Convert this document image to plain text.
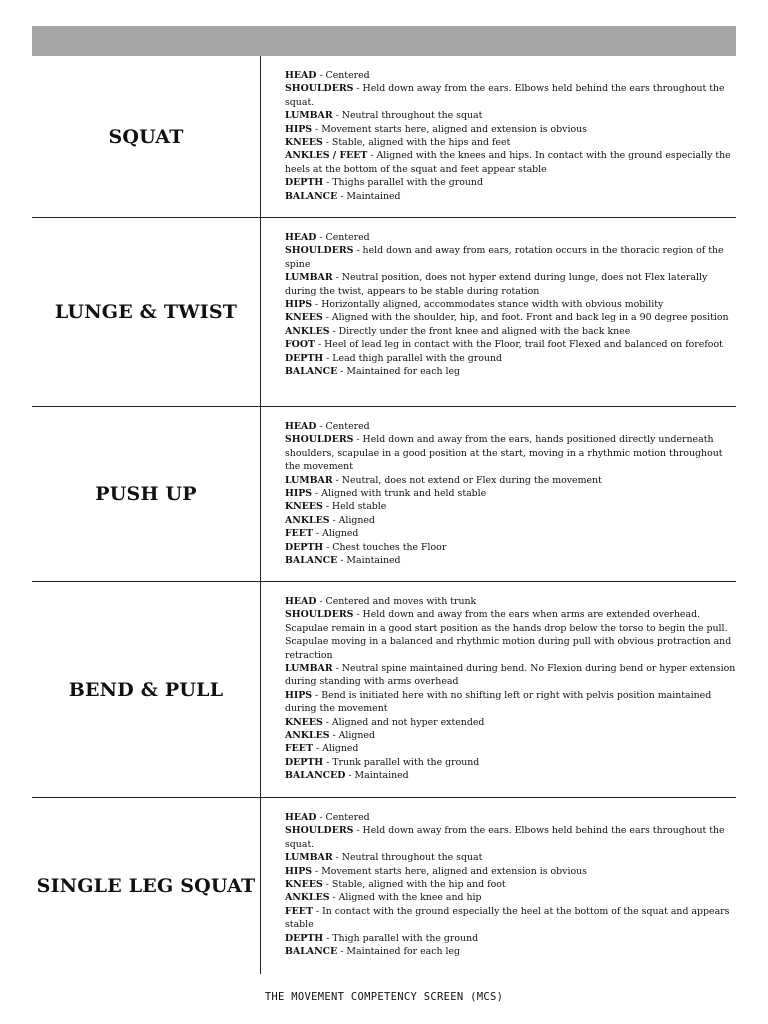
SQUAT
HEAD - Centered
SHOULDERS - Held down away from the ears. Elbows held behind the ears throughout the squat.
LUMBAR - Neutral throughout the squat
HIPS - Movement starts here, aligned and extension is obvious
KNEES - Stable, aligned with the hips and feet
ANKLES / FEET - Aligned with the knees and hips. In contact with the ground especially the heels at the bottom of the squat and feet appear stable
DEPTH - Thighs parallel with the ground
BALANCE - Maintained
LUNGE & TWIST
HEAD - Centered
SHOULDERS - held down and away from ears, rotation occurs in the thoracic region of the spine
LUMBAR - Neutral position, does not hyper extend during lunge, does not Flex laterally during the twist, appears to be stable during rotation
HIPS - Horizontally aligned, accommodates stance width with obvious mobility
KNEES - Aligned with the shoulder, hip, and foot. Front and back leg in a 90 degree position
ANKLES - Directly under the front knee and aligned with the back knee
FOOT - Heel of lead leg in contact with the Floor, trail foot Flexed and balanced on forefoot
DEPTH - Lead thigh parallel with the ground
BALANCE - Maintained for each leg
PUSH UP
HEAD - Centered
SHOULDERS - Held down and away from the ears, hands positioned directly underneath shoulders, scapulae in a good position at the start, moving in a rhythmic motion throughout the movement
LUMBAR - Neutral, does not extend or Flex during the movement
HIPS - Aligned with trunk and held stable
KNEES - Held stable
ANKLES - Aligned
FEET - Aligned
DEPTH - Chest touches the Floor
BALANCE - Maintained
BEND & PULL
HEAD - Centered and moves with trunk
SHOULDERS - Held down and away from the ears when arms are extended overhead. Scapulae remain in a good start position as the hands drop below the torso to begin the pull. Scapulae moving in a balanced and rhythmic motion during pull with obvious protraction and retraction
LUMBAR - Neutral spine maintained during bend. No Flexion during bend or hyper extension during standing with arms overhead
HIPS - Bend is initiated here with no shifting left or right with pelvis position maintained during the movement
KNEES - Aligned and not hyper extended
ANKLES - Aligned
FEET - Aligned
DEPTH - Trunk parallel with the ground
BALANCED - Maintained
SINGLE LEG SQUAT
HEAD - Centered
SHOULDERS - Held down away from the ears. Elbows held behind the ears throughout the squat.
LUMBAR - Neutral throughout the squat
HIPS - Movement starts here, aligned and extension is obvious
KNEES - Stable, aligned with the hip and foot
ANKLES - Aligned with the knee and hip
FEET - In contact with the ground especially the heel at the bottom of the squat and appears stable
DEPTH - Thigh parallel with the ground
BALANCE - Maintained for each leg
THE MOVEMENT COMPETENCY SCREEN (MCS)
